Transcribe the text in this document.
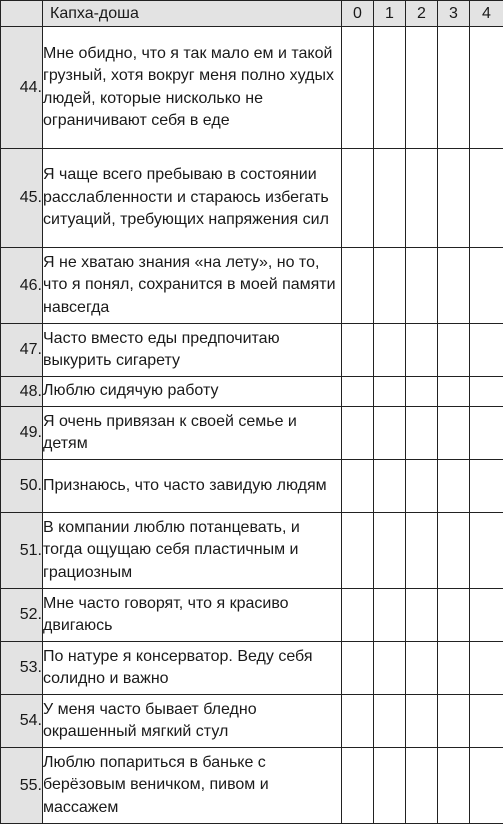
	Капха-доша	0	1	2	3	4
44.	Мне обидно, что я так мало ем и такой грузный, хотя вокруг меня полно худых людей, которые нисколько не ограничивают себя в еде					
45.	Я чаще всего пребываю в состоянии расслабленности и стараюсь избегать ситуаций, требующих напряжения сил					
46.	Я не хватаю знания «на лету», но то, что я понял, сохранится в моей памяти навсегда					
47.	Часто вместо еды предпочитаю выкурить сигарету					
48.	Люблю сидячую работу					
49.	Я очень привязан к своей семье и детям					
50.	Признаюсь, что часто завидую людям					
51.	В компании люблю потанцевать, и тогда ощущаю себя пластичным и грациозным					
52.	Мне часто говорят, что я красиво двигаюсь					
53.	По натуре я консерватор. Веду себя солидно и важно					
54.	У меня часто бывает бледно окрашенный мягкий стул					
55.	Люблю попариться в баньке с берёзовым веничком, пивом и массажем					
